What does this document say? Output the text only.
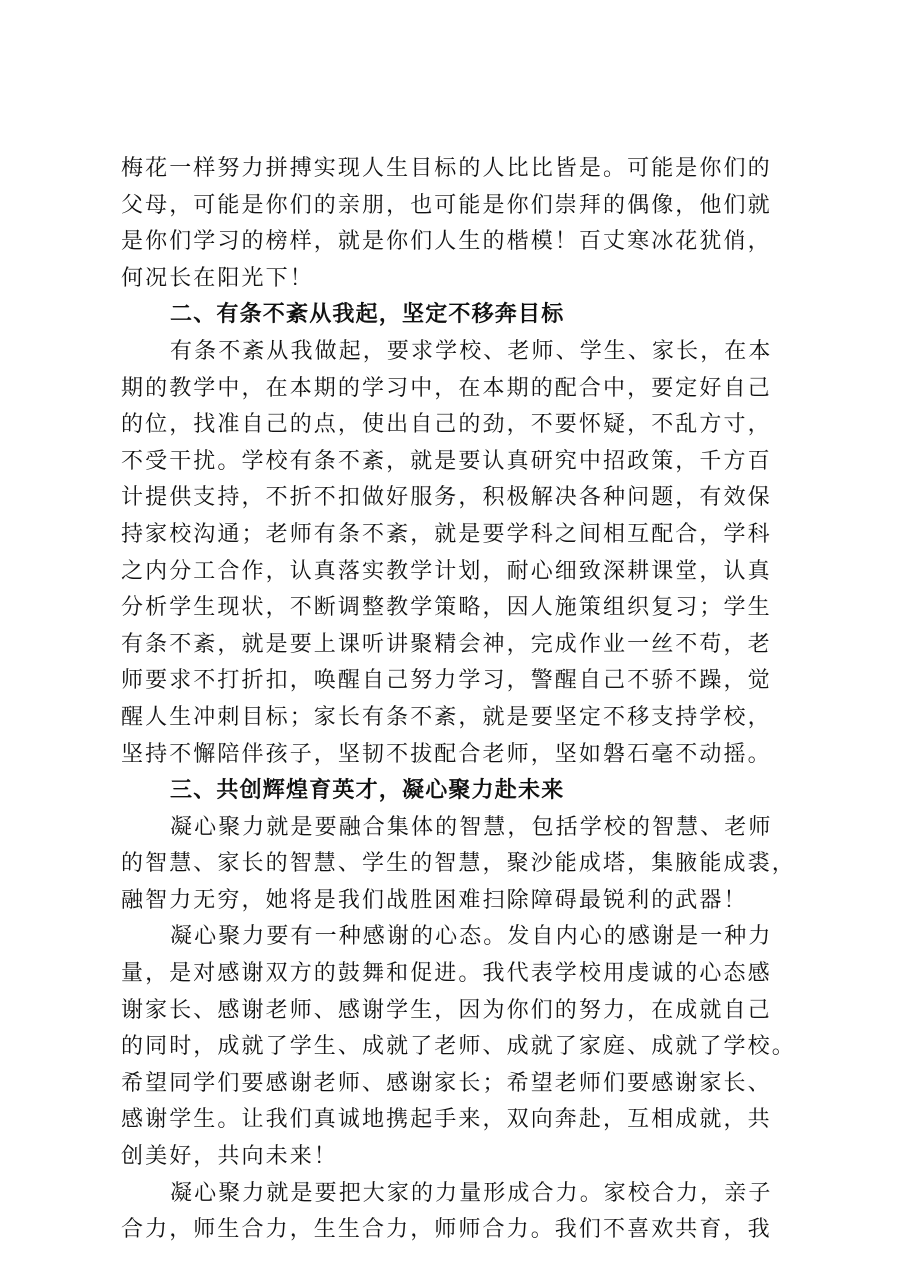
梅花一样努力拼搏实现人生目标的人比比皆是。可能是你们的
父母，可能是你们的亲朋，也可能是你们崇拜的偶像，他们就
是你们学习的榜样，就是你们人生的楷模！百丈寒冰花犹俏，
何况长在阳光下！
二、有条不紊从我起，坚定不移奔目标
有条不紊从我做起，要求学校、老师、学生、家长，在本
期的教学中，在本期的学习中，在本期的配合中，要定好自己
的位，找准自己的点，使出自己的劲，不要怀疑，不乱方寸，
不受干扰。学校有条不紊，就是要认真研究中招政策，千方百
计提供支持，不折不扣做好服务，积极解决各种问题，有效保
持家校沟通；老师有条不紊，就是要学科之间相互配合，学科
之内分工合作，认真落实教学计划，耐心细致深耕课堂，认真
分析学生现状，不断调整教学策略，因人施策组织复习；学生
有条不紊，就是要上课听讲聚精会神，完成作业一丝不苟，老
师要求不打折扣，唤醒自己努力学习，警醒自己不骄不躁，觉
醒人生冲刺目标；家长有条不紊，就是要坚定不移支持学校，
坚持不懈陪伴孩子，坚韧不拔配合老师，坚如磐石毫不动摇。
三、共创辉煌育英才，凝心聚力赴未来
凝心聚力就是要融合集体的智慧，包括学校的智慧、老师
的智慧、家长的智慧、学生的智慧，聚沙能成塔，集腋能成裘，
融智力无穷，她将是我们战胜困难扫除障碍最锐利的武器！
凝心聚力要有一种感谢的心态。发自内心的感谢是一种力
量，是对感谢双方的鼓舞和促进。我代表学校用虔诚的心态感
谢家长、感谢老师、感谢学生，因为你们的努力，在成就自己
的同时，成就了学生、成就了老师、成就了家庭、成就了学校。
希望同学们要感谢老师、感谢家长；希望老师们要感谢家长、
感谢学生。让我们真诚地携起手来，双向奔赴，互相成就，共
创美好，共向未来！
凝心聚力就是要把大家的力量形成合力。家校合力，亲子
合力，师生合力，生生合力，师师合力。我们不喜欢共育，我
